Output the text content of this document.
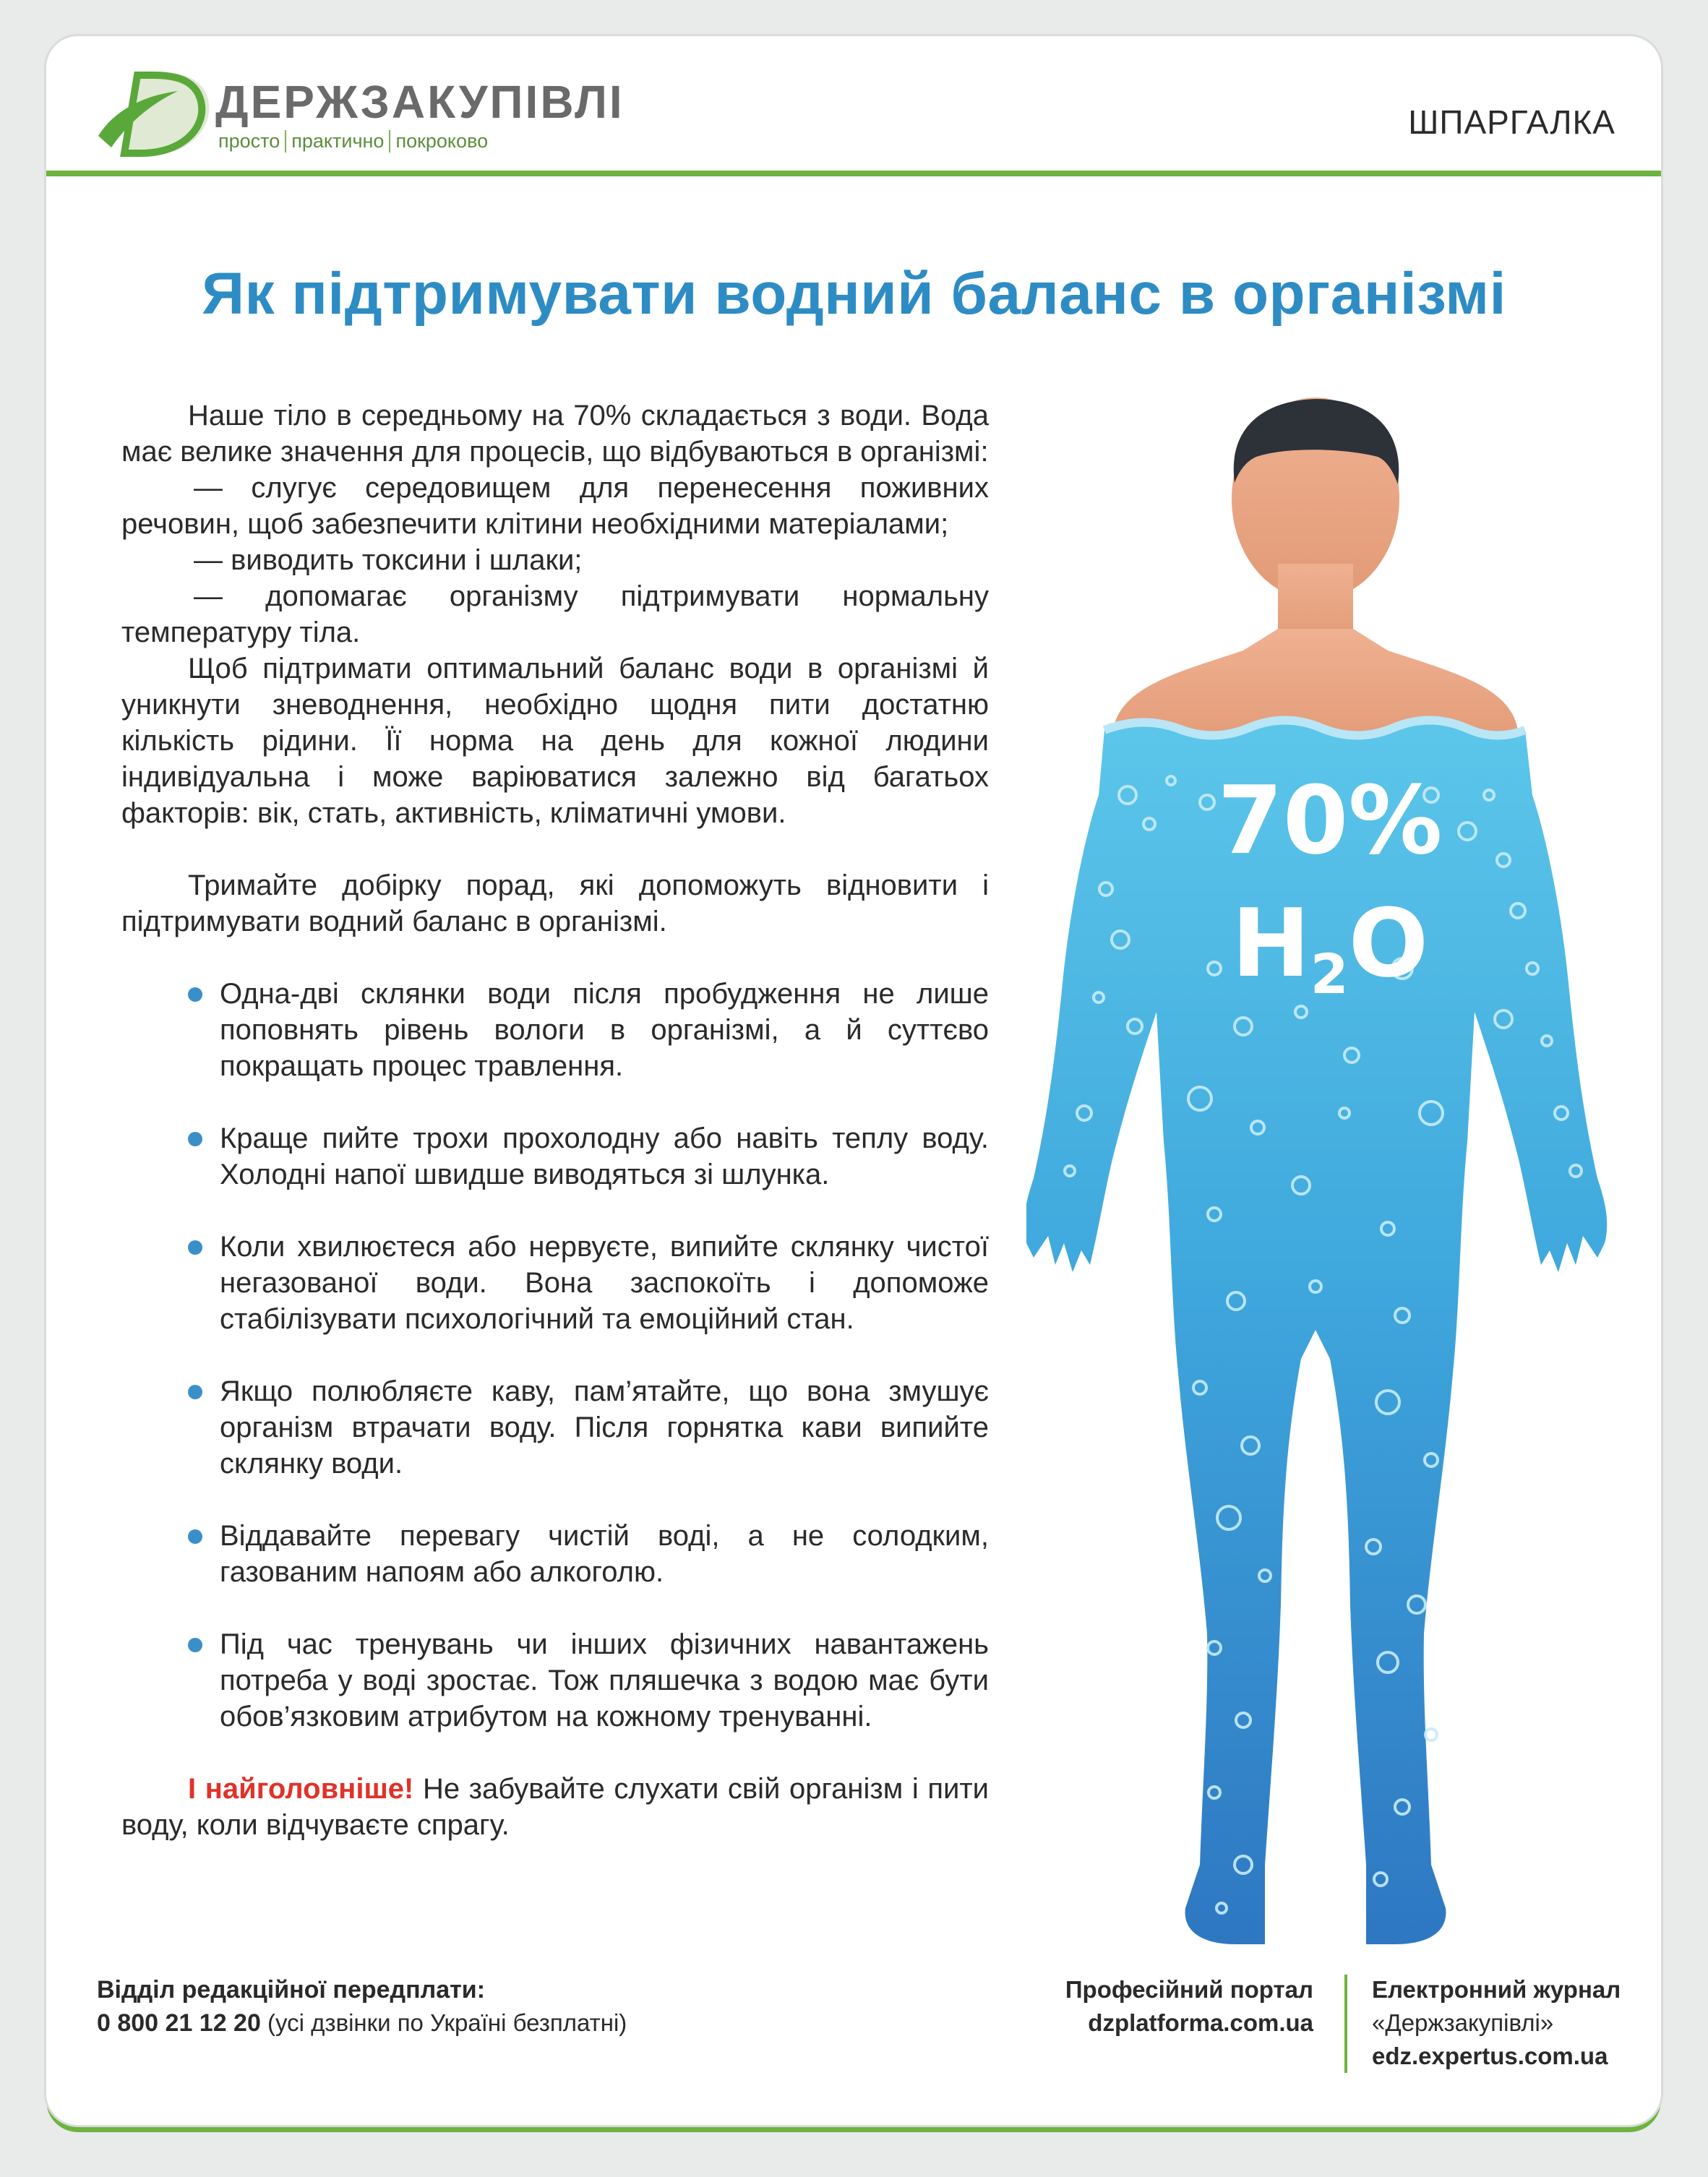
ДЕРЖЗАКУПІВЛІ
просто практично покроково	ШПАРГАЛКА
Як підтримувати водний баланс в організмі

Наше тіло в середньому на 70% складається з води. Вода має велике значення для процесів, що відбуваються в організмі:

— слугує середовищем для перенесення поживних речовин, щоб забезпечити клітини необхідними матеріалами;

— виводить токсини і шлаки;

— допомагає організму підтримувати нормальну температуру тіла.

Щоб підтримати оптимальний баланс води в організмі й уникнути зневоднення, необхідно щодня пити достатню кількість рідини. Її норма на день для кожної людини індивідуальна і може варіюватися залежно від багатьох факторів: вік, стать, активність, кліматичні умови.

Тримайте добірку порад, які допоможуть відновити і підтримувати водний баланс в організмі.

Одна-дві склянки води після пробудження не лише поповнять рівень вологи в організмі, а й суттєво покращать процес травлення.
Краще пийте трохи прохолодну або навіть теплу воду. Холодні напої швидше виводяться зі шлунка.
Коли хвилюєтеся або нервуєте, випийте склянку чистої негазованої води. Вона заспокоїть і допоможе стабілізувати психологічний та емоційний стан.
Якщо полюбляєте каву, пам’ятайте, що вона змушує організм втрачати воду. Після горнятка кави випийте склянку води.
Віддавайте перевагу чистій воді, а не солодким, газованим напоям або алкоголю.
Під час тренувань чи інших фізичних навантажень потреба у воді зростає. Тож пляшечка з водою має бути обов’язковим атрибутом на кожному тренуванні.

І найголовніше! Не забувайте слухати свій організм і пити воду, коли відчуваєте спрагу.

70%
H2O
Відділ редакційної передплати:
0 800 21 12 20 (усі дзвінки по Україні безплатні)
Професійний портал
dzplatforma.com.ua
Електронний журнал
«Держзакупівлі»
edz.expertus.com.ua
